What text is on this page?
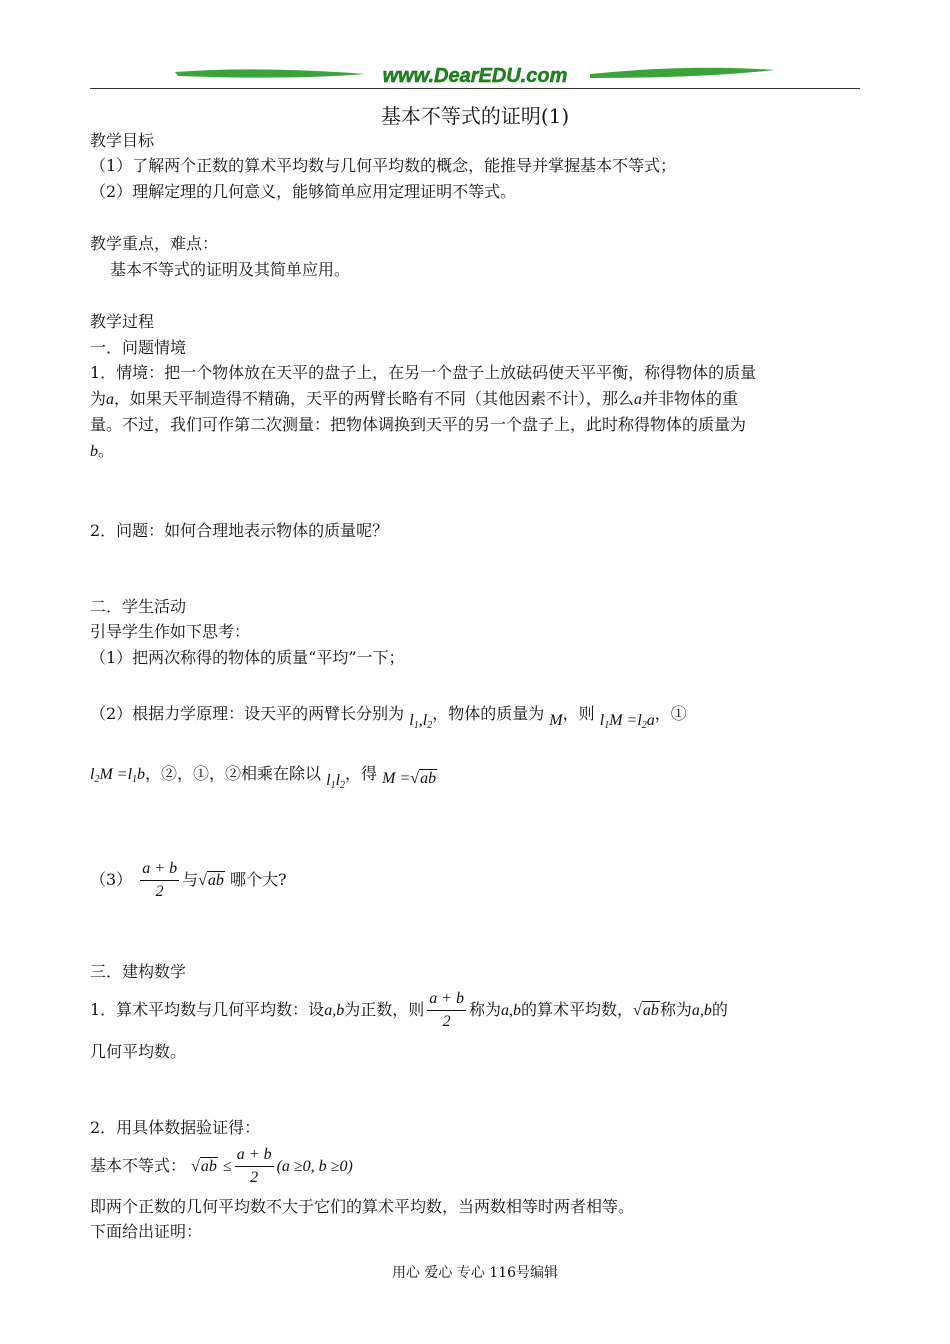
www.DearEDU.com
基本不等式的证明(1)
教学目标
（1）了解两个正数的算术平均数与几何平均数的概念，能推导并掌握基本不等式；
（2）理解定理的几何意义，能够简单应用定理证明不等式。
教学重点，难点：
基本不等式的证明及其简单应用。
教学过程
一．问题情境
1．情境：把一个物体放在天平的盘子上，在另一个盘子上放砝码使天平平衡，称得物体的质量
为a，如果天平制造得不精确，天平的两臂长略有不同（其他因素不计），那么a并非物体的重
量。不过，我们可作第二次测量：把物体调换到天平的另一个盘子上，此时称得物体的质量为
b。
2．问题：如何合理地表示物体的质量呢？
二．学生活动
引导学生作如下思考：
（1）把两次称得的物体的质量“平均”一下；
（2）根据力学原理：设天平的两臂长分别为 $l_1,l_2$，物体的质量为 M，则 $l_1M =l_2a$，①
$l_2M =l_1b$，②，①，②相乘在除以 $l_1l_2$，得 M =√ab
$(3) \frac{a + b}{2}$ 与√ab 哪个大?
三．建构数学
1．算术平均数与几何平均数：设a,b为正数，则 $\frac{a + b}{2}$ 称为a,b的算术平均数，√ab称为a,b的
几何平均数。
2．用具体数据验证得：
基本不等式： $√ab \le \frac{a + b}{2} (a \ge 0$, b ≥0)
即两个正数的几何平均数不大于它们的算术平均数，当两数相等时两者相等。
下面给出证明：
用心 爱心 专心 116号编辑
